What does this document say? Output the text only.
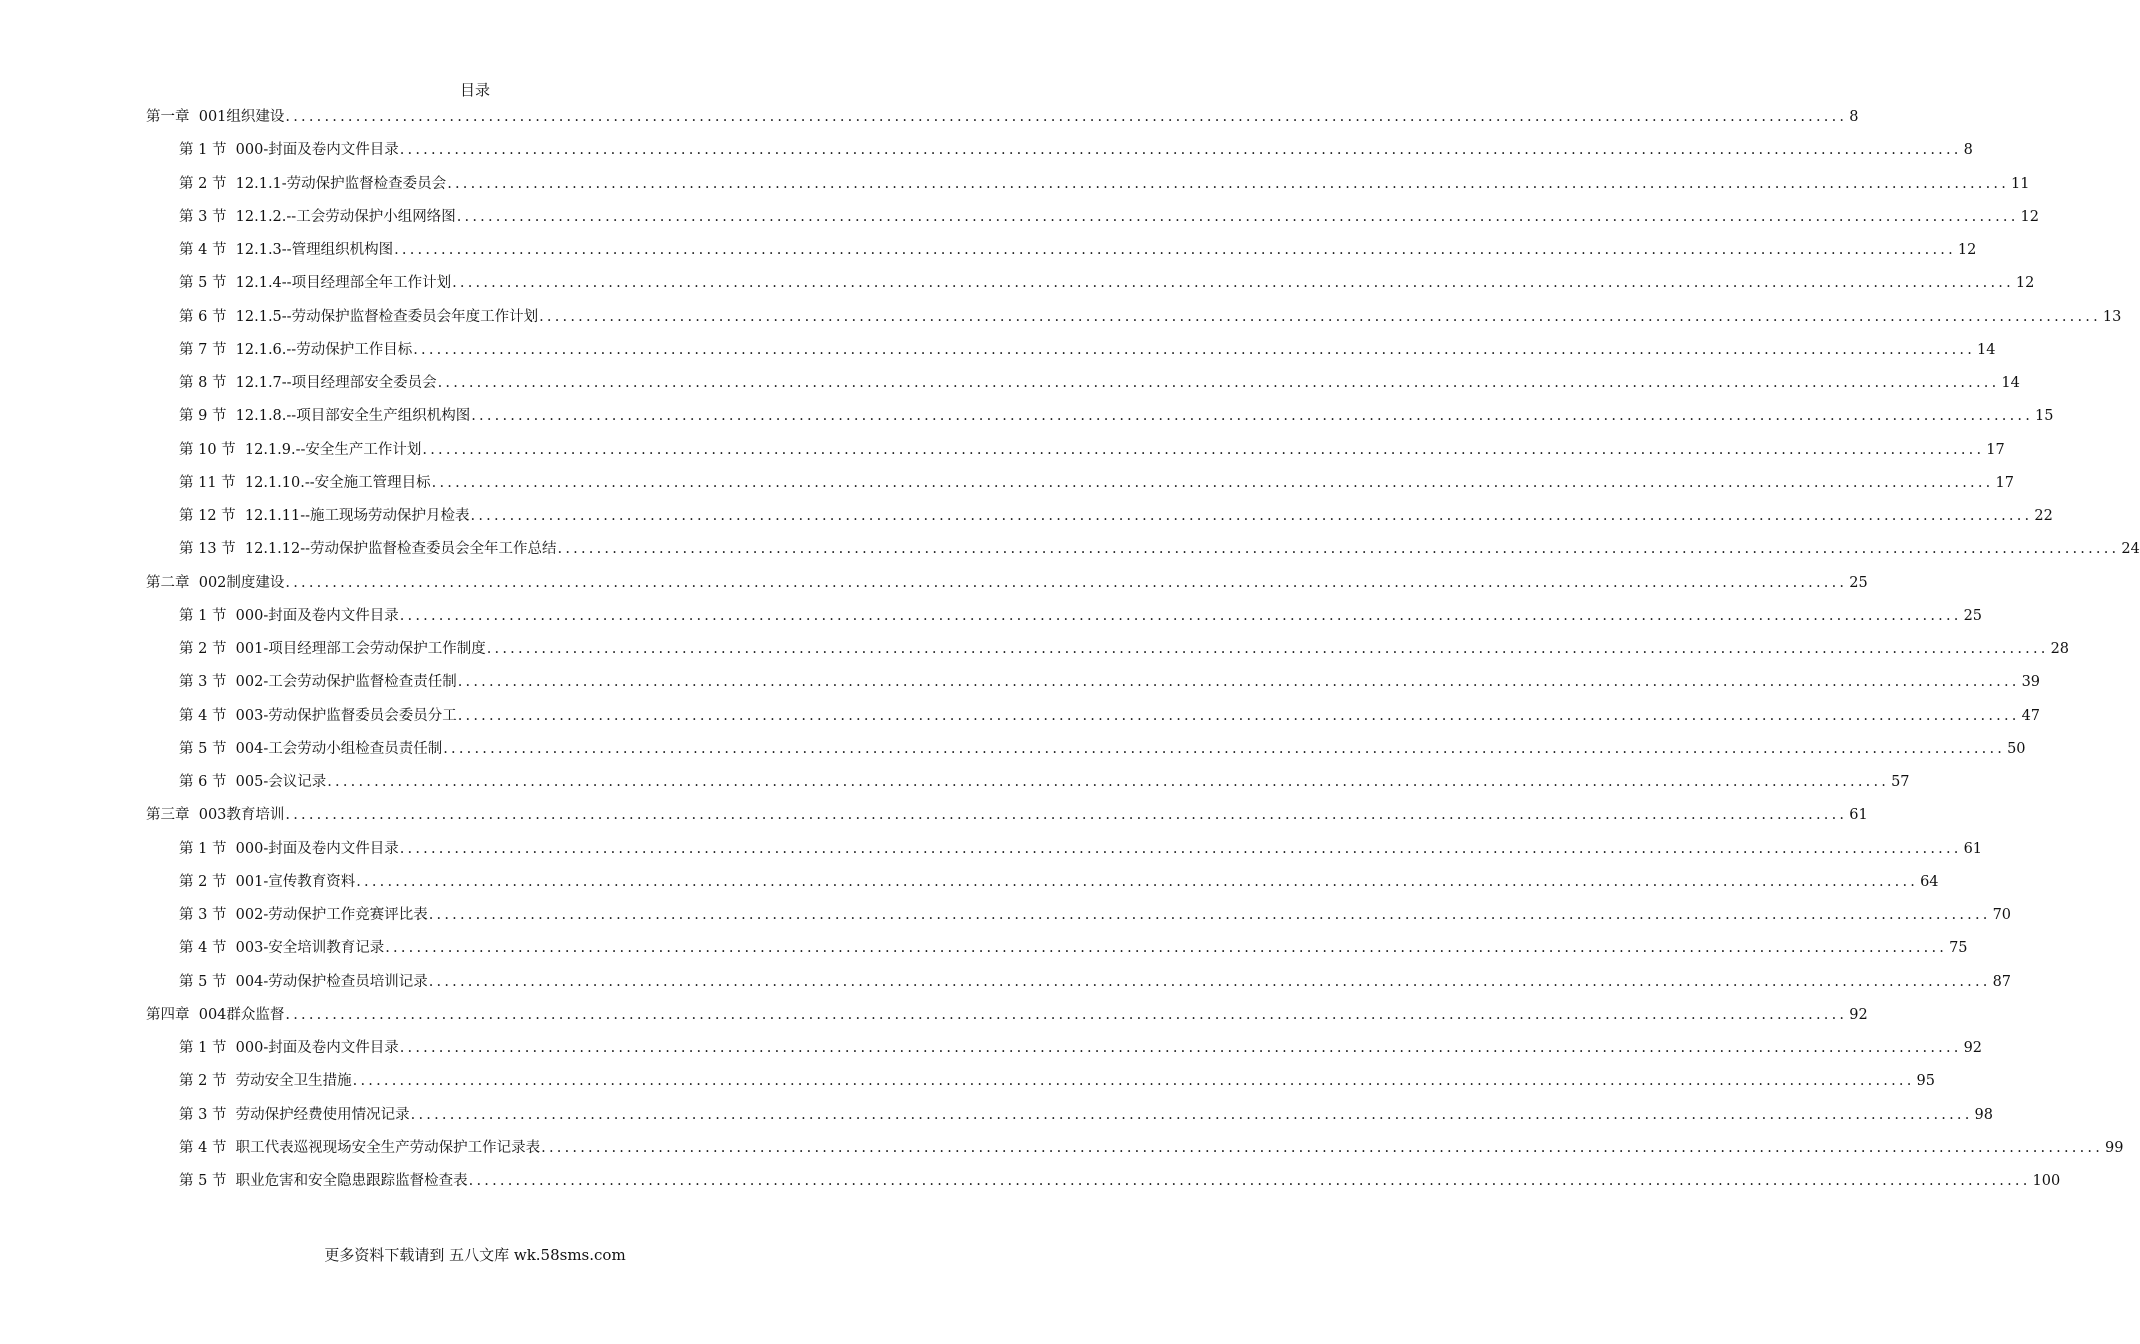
目录
第一章  001组织建设 ........................................................................................................................................................................................................ 8
第 1 节  000-封面及卷内文件目录 ........................................................................................................................................................................................................ 8
第 2 节  12.1.1-劳动保护监督检查委员会 ........................................................................................................................................................................................................ 11
第 3 节  12.1.2.--工会劳动保护小组网络图 ........................................................................................................................................................................................................ 12
第 4 节  12.1.3--管理组织机构图 ........................................................................................................................................................................................................ 12
第 5 节  12.1.4--项目经理部全年工作计划 ........................................................................................................................................................................................................ 12
第 6 节  12.1.5--劳动保护监督检查委员会年度工作计划 ........................................................................................................................................................................................................ 13
第 7 节  12.1.6.--劳动保护工作目标 ........................................................................................................................................................................................................ 14
第 8 节  12.1.7--项目经理部安全委员会 ........................................................................................................................................................................................................ 14
第 9 节  12.1.8.--项目部安全生产组织机构图 ........................................................................................................................................................................................................ 15
第 10 节  12.1.9.--安全生产工作计划 ........................................................................................................................................................................................................ 17
第 11 节  12.1.10.--安全施工管理目标 ........................................................................................................................................................................................................ 17
第 12 节  12.1.11--施工现场劳动保护月检表 ........................................................................................................................................................................................................ 22
第 13 节  12.1.12--劳动保护监督检查委员会全年工作总结 ........................................................................................................................................................................................................ 24
第二章  002制度建设 ........................................................................................................................................................................................................ 25
第 1 节  000-封面及卷内文件目录 ........................................................................................................................................................................................................ 25
第 2 节  001-项目经理部工会劳动保护工作制度 ........................................................................................................................................................................................................ 28
第 3 节  002-工会劳动保护监督检查责任制 ........................................................................................................................................................................................................ 39
第 4 节  003-劳动保护监督委员会委员分工 ........................................................................................................................................................................................................ 47
第 5 节  004-工会劳动小组检查员责任制 ........................................................................................................................................................................................................ 50
第 6 节  005-会议记录 ........................................................................................................................................................................................................ 57
第三章  003教育培训 ........................................................................................................................................................................................................ 61
第 1 节  000-封面及卷内文件目录 ........................................................................................................................................................................................................ 61
第 2 节  001-宣传教育资料 ........................................................................................................................................................................................................ 64
第 3 节  002-劳动保护工作竞赛评比表 ........................................................................................................................................................................................................ 70
第 4 节  003-安全培训教育记录 ........................................................................................................................................................................................................ 75
第 5 节  004-劳动保护检查员培训记录 ........................................................................................................................................................................................................ 87
第四章  004群众监督 ........................................................................................................................................................................................................ 92
第 1 节  000-封面及卷内文件目录 ........................................................................................................................................................................................................ 92
第 2 节  劳动安全卫生措施 ........................................................................................................................................................................................................ 95
第 3 节  劳动保护经费使用情况记录 ........................................................................................................................................................................................................ 98
第 4 节  职工代表巡视现场安全生产劳动保护工作记录表 ........................................................................................................................................................................................................ 99
第 5 节  职业危害和安全隐患跟踪监督检查表 ........................................................................................................................................................................................................ 100
更多资料下载请到 五八文库 wk.58sms.com
